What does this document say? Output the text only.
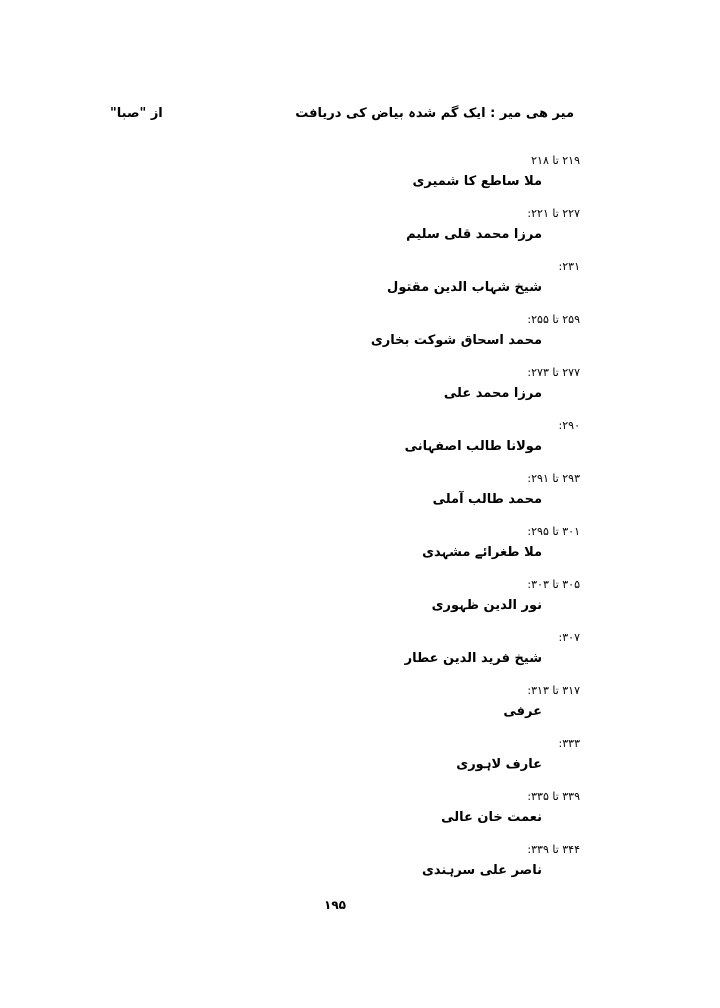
میر ھی میر : ایک گم شدہ بیاض کی دریافت
از "صبا"
۲۱۹ تا ۲۱۸
ملا ساطع کا شمیری
۲۲۷ تا ۲۲۱:
مرزا محمد قلی سلیم
۲۳۱:
شیخ شہاب الدین مقتول
۲۵۹ تا ۲۵۵:
محمد اسحاق شوکت بخاری
۲۷۷ تا ۲۷۳:
مرزا محمد علی
۲۹۰:
مولانا طالب اصفہانی
۲۹۳ تا ۲۹۱:
محمد طالب آملی
۳۰۱ تا ۲۹۵:
ملا طغرائے مشہدی
۳۰۵ تا ۳۰۳:
نور الدین ظہوری
۳۰۷:
شیخ فرید الدین عطار
۳۱۷ تا ۳۱۳:
عرفی
۳۳۳:
عارف لاہوری
۳۳۹ تا ۳۳۵:
نعمت خان عالی
۳۴۴ تا ۳۳۹:
ناصر علی سرہندی
۱۹۵
